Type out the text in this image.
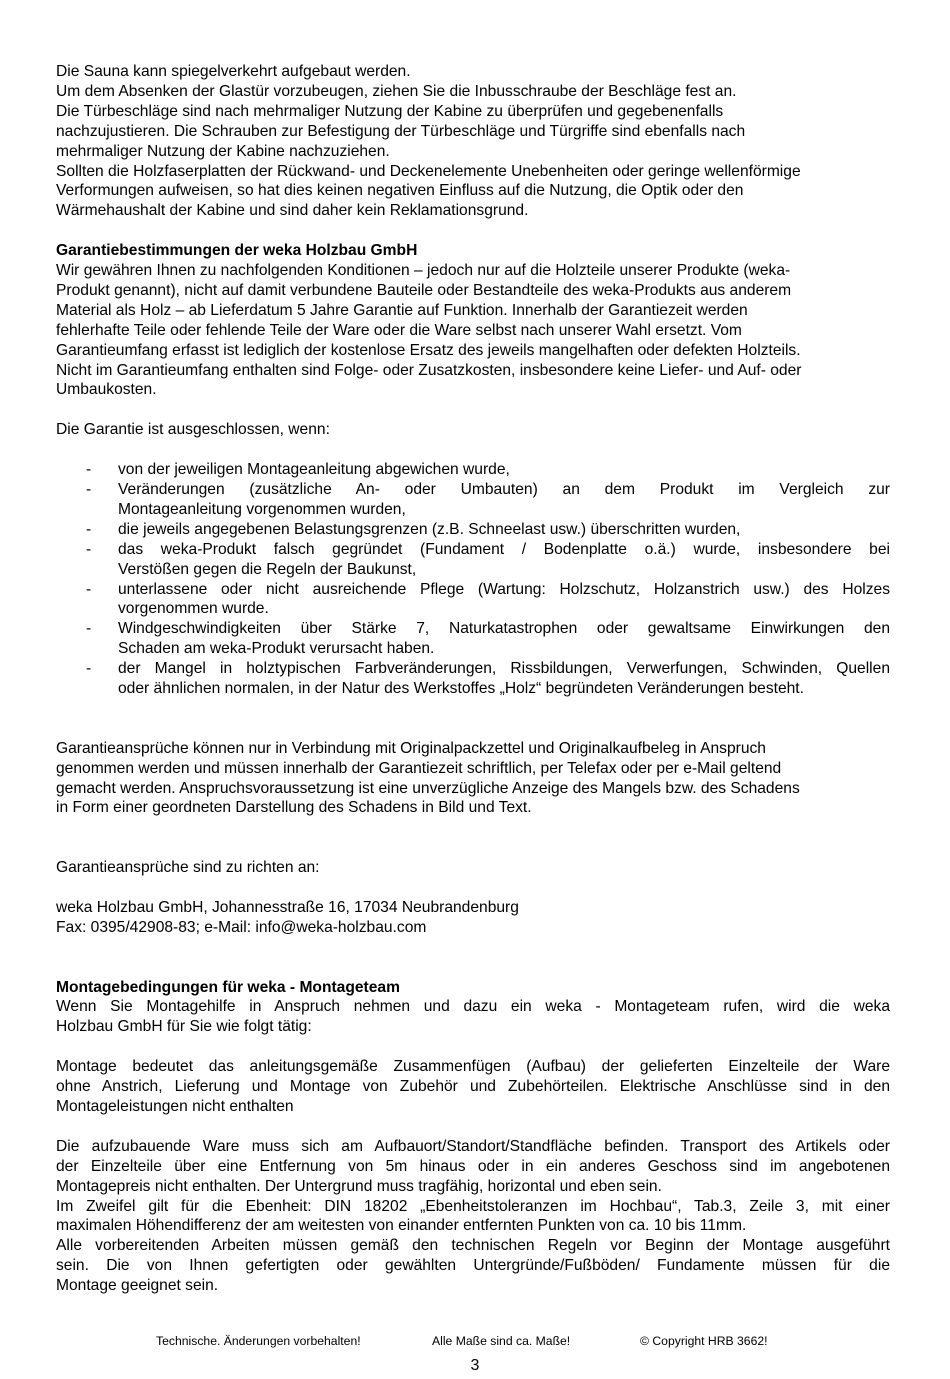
Die Sauna kann spiegelverkehrt aufgebaut werden.
Um dem Absenken der Glastür vorzubeugen, ziehen Sie die Inbusschraube der Beschläge fest an.
Die Türbeschläge sind nach mehrmaliger Nutzung der Kabine zu überprüfen und gegebenenfalls
nachzujustieren. Die Schrauben zur Befestigung der Türbeschläge und Türgriffe sind ebenfalls nach
mehrmaliger Nutzung der Kabine nachzuziehen.
Sollten die Holzfaserplatten der Rückwand- und Deckenelemente Unebenheiten oder geringe wellenförmige
Verformungen aufweisen, so hat dies keinen negativen Einfluss auf die Nutzung, die Optik oder den
Wärmehaushalt der Kabine und sind daher kein Reklamationsgrund.
Garantiebestimmungen der weka Holzbau GmbH
Wir gewähren Ihnen zu nachfolgenden Konditionen – jedoch nur auf die Holzteile unserer Produkte (weka-
Produkt genannt), nicht auf damit verbundene Bauteile oder Bestandteile des weka-Produkts aus anderem
Material als Holz – ab Lieferdatum 5 Jahre Garantie auf Funktion. Innerhalb der Garantiezeit werden
fehlerhafte Teile oder fehlende Teile der Ware oder die Ware selbst nach unserer Wahl ersetzt. Vom
Garantieumfang erfasst ist lediglich der kostenlose Ersatz des jeweils mangelhaften oder defekten Holzteils.
Nicht im Garantieumfang enthalten sind Folge- oder Zusatzkosten, insbesondere keine Liefer- und Auf- oder
Umbaukosten.
Die Garantie ist ausgeschlossen, wenn:
- von der jeweiligen Montageanleitung abgewichen wurde,
- Veränderungen (zusätzliche An- oder Umbauten) an dem Produkt im Vergleich zur
Montageanleitung vorgenommen wurden,
- die jeweils angegebenen Belastungsgrenzen (z.B. Schneelast usw.) überschritten wurden,
- das weka-Produkt falsch gegründet (Fundament / Bodenplatte o.ä.) wurde, insbesondere bei
Verstößen gegen die Regeln der Baukunst,
- unterlassene oder nicht ausreichende Pflege (Wartung: Holzschutz, Holzanstrich usw.) des Holzes
vorgenommen wurde.
- Windgeschwindigkeiten über Stärke 7, Naturkatastrophen oder gewaltsame Einwirkungen den
Schaden am weka-Produkt verursacht haben.
- der Mangel in holztypischen Farbveränderungen, Rissbildungen, Verwerfungen, Schwinden, Quellen
oder ähnlichen normalen, in der Natur des Werkstoffes „Holz“ begründeten Veränderungen besteht.
Garantieansprüche können nur in Verbindung mit Originalpackzettel und Originalkaufbeleg in Anspruch
genommen werden und müssen innerhalb der Garantiezeit schriftlich, per Telefax oder per e-Mail geltend
gemacht werden. Anspruchsvoraussetzung ist eine unverzügliche Anzeige des Mangels bzw. des Schadens
in Form einer geordneten Darstellung des Schadens in Bild und Text.
Garantieansprüche sind zu richten an:
weka Holzbau GmbH, Johannesstraße 16, 17034 Neubrandenburg
Fax: 0395/42908-83; e-Mail: info@weka-holzbau.com
Montagebedingungen für weka - Montageteam
Wenn Sie Montagehilfe in Anspruch nehmen und dazu ein weka - Montageteam rufen, wird die weka
Holzbau GmbH für Sie wie folgt tätig:
Montage bedeutet das anleitungsgemäße Zusammenfügen (Aufbau) der gelieferten Einzelteile der Ware
ohne Anstrich, Lieferung und Montage von Zubehör und Zubehörteilen. Elektrische Anschlüsse sind in den
Montageleistungen nicht enthalten
Die aufzubauende Ware muss sich am Aufbauort/Standort/Standfläche befinden. Transport des Artikels oder
der Einzelteile über eine Entfernung von 5m hinaus oder in ein anderes Geschoss sind im angebotenen
Montagepreis nicht enthalten. Der Untergrund muss tragfähig, horizontal und eben sein.
Im Zweifel gilt für die Ebenheit: DIN 18202 „Ebenheitstoleranzen im Hochbau“, Tab.3, Zeile 3, mit einer
maximalen Höhendifferenz der am weitesten von einander entfernten Punkten von ca. 10 bis 11mm.
Alle vorbereitenden Arbeiten müssen gemäß den technischen Regeln vor Beginn der Montage ausgeführt
sein. Die von Ihnen gefertigten oder gewählten Untergründe/Fußböden/ Fundamente müssen für die
Montage geeignet sein.
Technische. Änderungen vorbehalten!	Alle Maße sind ca. Maße!	© Copyright HRB 3662!
3
